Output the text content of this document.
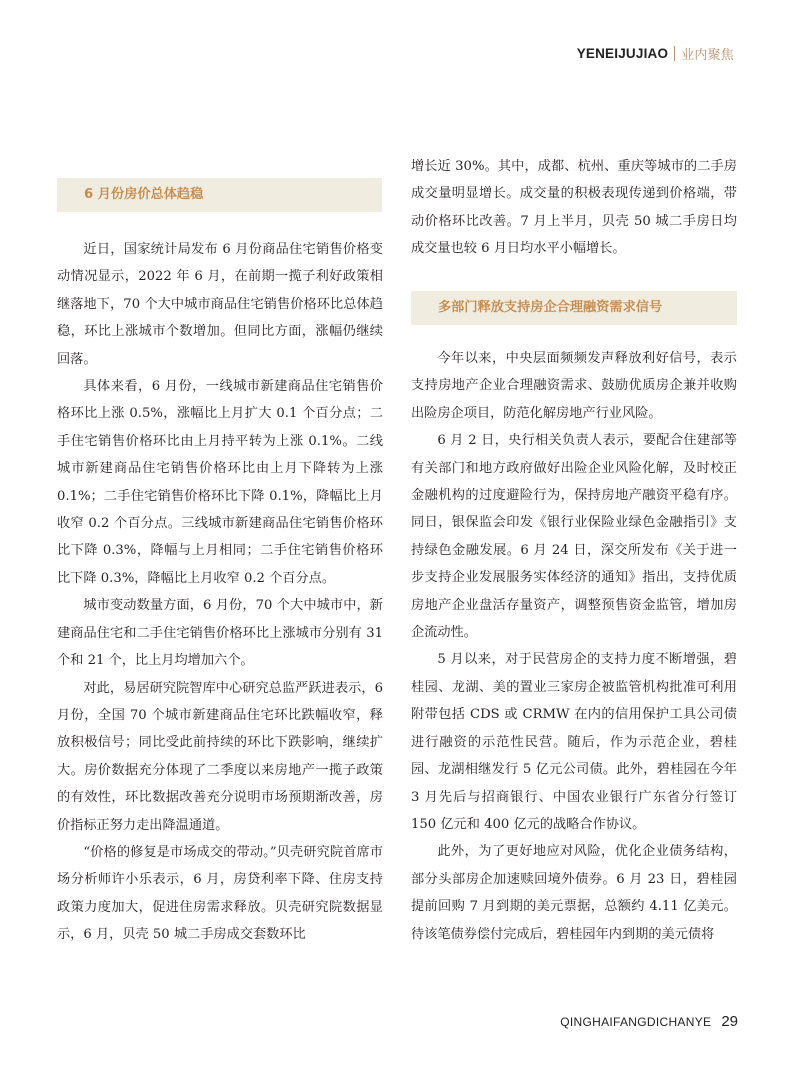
YENEIJUJIAO 业内聚焦
6 月份房价总体趋稳

近日，国家统计局发布 6 月份商品住宅销售价格变动情况显示，2022 年 6 月，在前期一揽子利好政策相继落地下，70 个大中城市商品住宅销售价格环比总体趋稳，环比上涨城市个数增加。但同比方面，涨幅仍继续回落。

具体来看，6 月份，一线城市新建商品住宅销售价格环比上涨 0.5%，涨幅比上月扩大 0.1 个百分点；二手住宅销售价格环比由上月持平转为上涨 0.1%。二线城市新建商品住宅销售价格环比由上月下降转为上涨 0.1%；二手住宅销售价格环比下降 0.1%，降幅比上月收窄 0.2 个百分点。三线城市新建商品住宅销售价格环比下降 0.3%，降幅与上月相同；二手住宅销售价格环比下降 0.3%，降幅比上月收窄 0.2 个百分点。

城市变动数量方面，6 月份，70 个大中城市中，新建商品住宅和二手住宅销售价格环比上涨城市分别有 31 个和 21 个，比上月均增加六个。

对此，易居研究院智库中心研究总监严跃进表示，6 月份，全国 70 个城市新建商品住宅环比跌幅收窄，释放积极信号；同比受此前持续的环比下跌影响，继续扩大。房价数据充分体现了二季度以来房地产一揽子政策的有效性，环比数据改善充分说明市场预期渐改善，房价指标正努力走出降温通道。

“价格的修复是市场成交的带动。”贝壳研究院首席市场分析师许小乐表示，6 月，房贷利率下降、住房支持政策力度加大，促进住房需求释放。贝壳研究院数据显示，6 月，贝壳 50 城二手房成交套数环比

增长近 30%。其中，成都、杭州、重庆等城市的二手房成交量明显增长。成交量的积极表现传递到价格端，带动价格环比改善。7 月上半月，贝壳 50 城二手房日均成交量也较 6 月日均水平小幅增长。

多部门释放支持房企合理融资需求信号

今年以来，中央层面频频发声释放利好信号，表示支持房地产企业合理融资需求、鼓励优质房企兼并收购出险房企项目，防范化解房地产行业风险。

6 月 2 日，央行相关负责人表示，要配合住建部等有关部门和地方政府做好出险企业风险化解，及时校正金融机构的过度避险行为，保持房地产融资平稳有序。同日，银保监会印发《银行业保险业绿色金融指引》支持绿色金融发展。6 月 24 日，深交所发布《关于进一步支持企业发展服务实体经济的通知》指出，支持优质房地产企业盘活存量资产，调整预售资金监管，增加房企流动性。

5 月以来，对于民营房企的支持力度不断增强，碧桂园、龙湖、美的置业三家房企被监管机构批准可利用附带包括 CDS 或 CRMW 在内的信用保护工具公司债进行融资的示范性民营。随后，作为示范企业，碧桂园、龙湖相继发行 5 亿元公司债。此外，碧桂园在今年 3 月先后与招商银行、中国农业银行广东省分行签订 150 亿元和 400 亿元的战略合作协议。

此外，为了更好地应对风险，优化企业债务结构，部分头部房企加速赎回境外债券。6 月 23 日，碧桂园提前回购 7 月到期的美元票据，总额约 4.11 亿美元。待该笔债券偿付完成后，碧桂园年内到期的美元债将

QINGHAIFANGDICHANYE 29
